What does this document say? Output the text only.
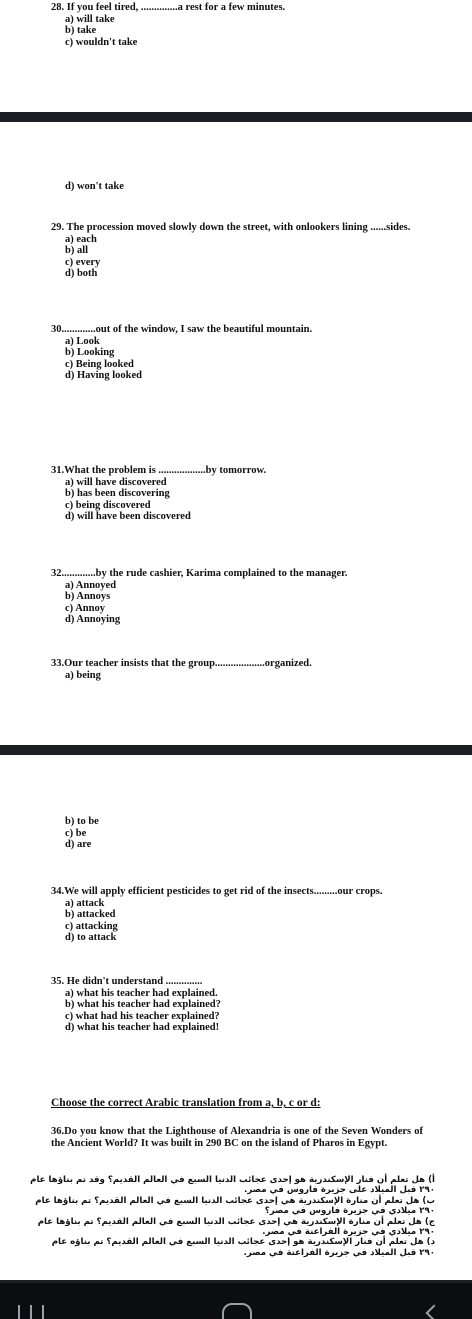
28. If you feel tired, ..............a rest for a few minutes.
a) will take
b) take
c) wouldn't take
d) won't take
29. The procession moved slowly down the street, with onlookers lining ......sides.
a) each
b) all
c) every
d) both
30.............out of the window, I saw the beautiful mountain.
a) Look
b) Looking
c) Being looked
d) Having looked
31.What the problem is ..................by tomorrow.
a) will have discovered
b) has been discovering
c) being discovered
d) will have been discovered
32.............by the rude cashier, Karima complained to the manager.
a) Annoyed
b) Annoys
c) Annoy
d) Annoying
33.Our teacher insists that the group...................organized.
a) being
b) to be
c) be
d) are
34.We will apply efficient pesticides to get rid of the insects.........our crops.
a) attack
b) attacked
c) attacking
d) to attack
35. He didn't understand ..............
a) what his teacher had explained.
b) what his teacher had explained?
c) what had his teacher explained?
d) what his teacher had explained!
Choose the correct Arabic translation from a, b, c or d:
36.Do you know that the Lighthouse of Alexandria is one of the Seven Wonders of the Ancient World? It was built in 290 BC on the island of Pharos in Egypt.
أ) هل تعلم أن فنار الإسكندرية هو إحدى عجائب الدنيا السبع في العالم القديم؟ وقد تم بناؤها عام ٢٩٠ قبل الميلاد على جزيرة فاروس في مصر.
ب) هل تعلم أن منارة الإسكندرية هي إحدى عجائب الدنيا السبع في العالم القديم؟ تم بناؤها عام ٢٩٠ ميلادي في جزيرة فاروس في مصر؟
ج) هل تعلم أن منارة الإسكندرية هي إحدى عجائب الدنيا السبع في العالم القديم؟ تم بناؤها عام ٢٩٠ ميلادي في جزيرة الفراعنة في مصر.
د) هل تعلم أن فنار الإسكندرية هو إحدى عجائب الدنيا السبع في العالم القديم؟ تم بناؤه عام ٢٩٠ قبل الميلاد في جزيرة الفراعنة في مصر.
